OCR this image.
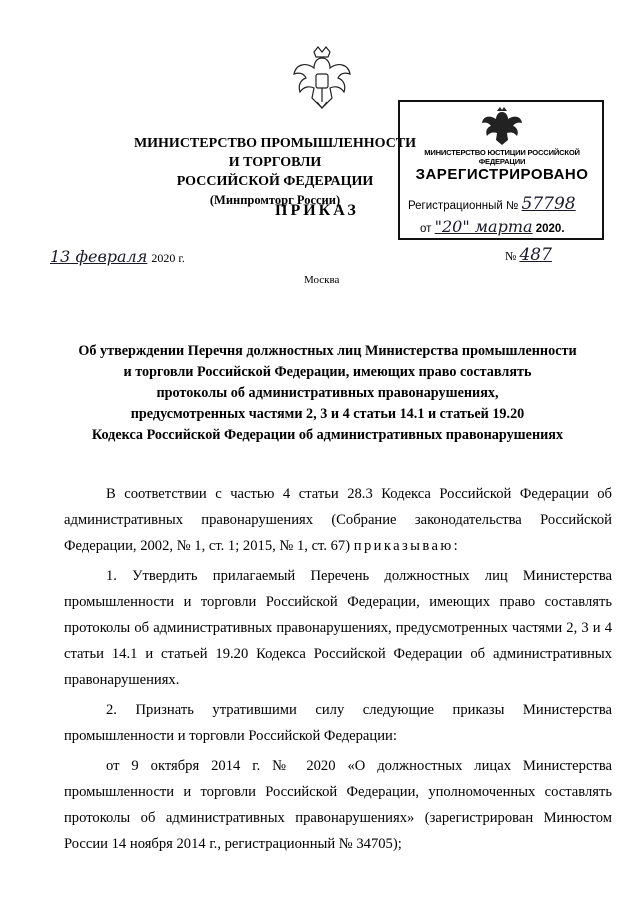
МИНИСТЕРСТВО ПРОМЫШЛЕННОСТИ И ТОРГОВЛИ
РОССИЙСКОЙ ФЕДЕРАЦИИ
(Минпромторг России)
ПРИКАЗ
МИНИСТЕРСТВО ЮСТИЦИИ РОССИЙСКОЙ ФЕДЕРАЦИИ
ЗАРЕГИСТРИРОВАНО
Регистрационный № 57798
от "20" марта 2020.
13 февраля 2020 г.	№ 487
Москва
Об утверждении Перечня должностных лиц Министерства промышленности
и торговли Российской Федерации, имеющих право составлять
протоколы об административных правонарушениях,
предусмотренных частями 2, 3 и 4 статьи 14.1 и статьей 19.20
Кодекса Российской Федерации об административных правонарушениях

В соответствии с частью 4 статьи 28.3 Кодекса Российской Федерации об административных правонарушениях (Собрание законодательства Российской Федерации, 2002, № 1, ст. 1; 2015, № 1, ст. 67) приказываю:

1. Утвердить прилагаемый Перечень должностных лиц Министерства промышленности и торговли Российской Федерации, имеющих право составлять протоколы об административных правонарушениях, предусмотренных частями 2, 3 и 4 статьи 14.1 и статьей 19.20 Кодекса Российской Федерации об административных правонарушениях.

2. Признать утратившими силу следующие приказы Министерства промышленности и торговли Российской Федерации:

от 9 октября 2014 г. № 2020 «О должностных лицах Министерства промышленности и торговли Российской Федерации, уполномоченных составлять протоколы об административных правонарушениях» (зарегистрирован Минюстом России 14 ноября 2014 г., регистрационный № 34705);
